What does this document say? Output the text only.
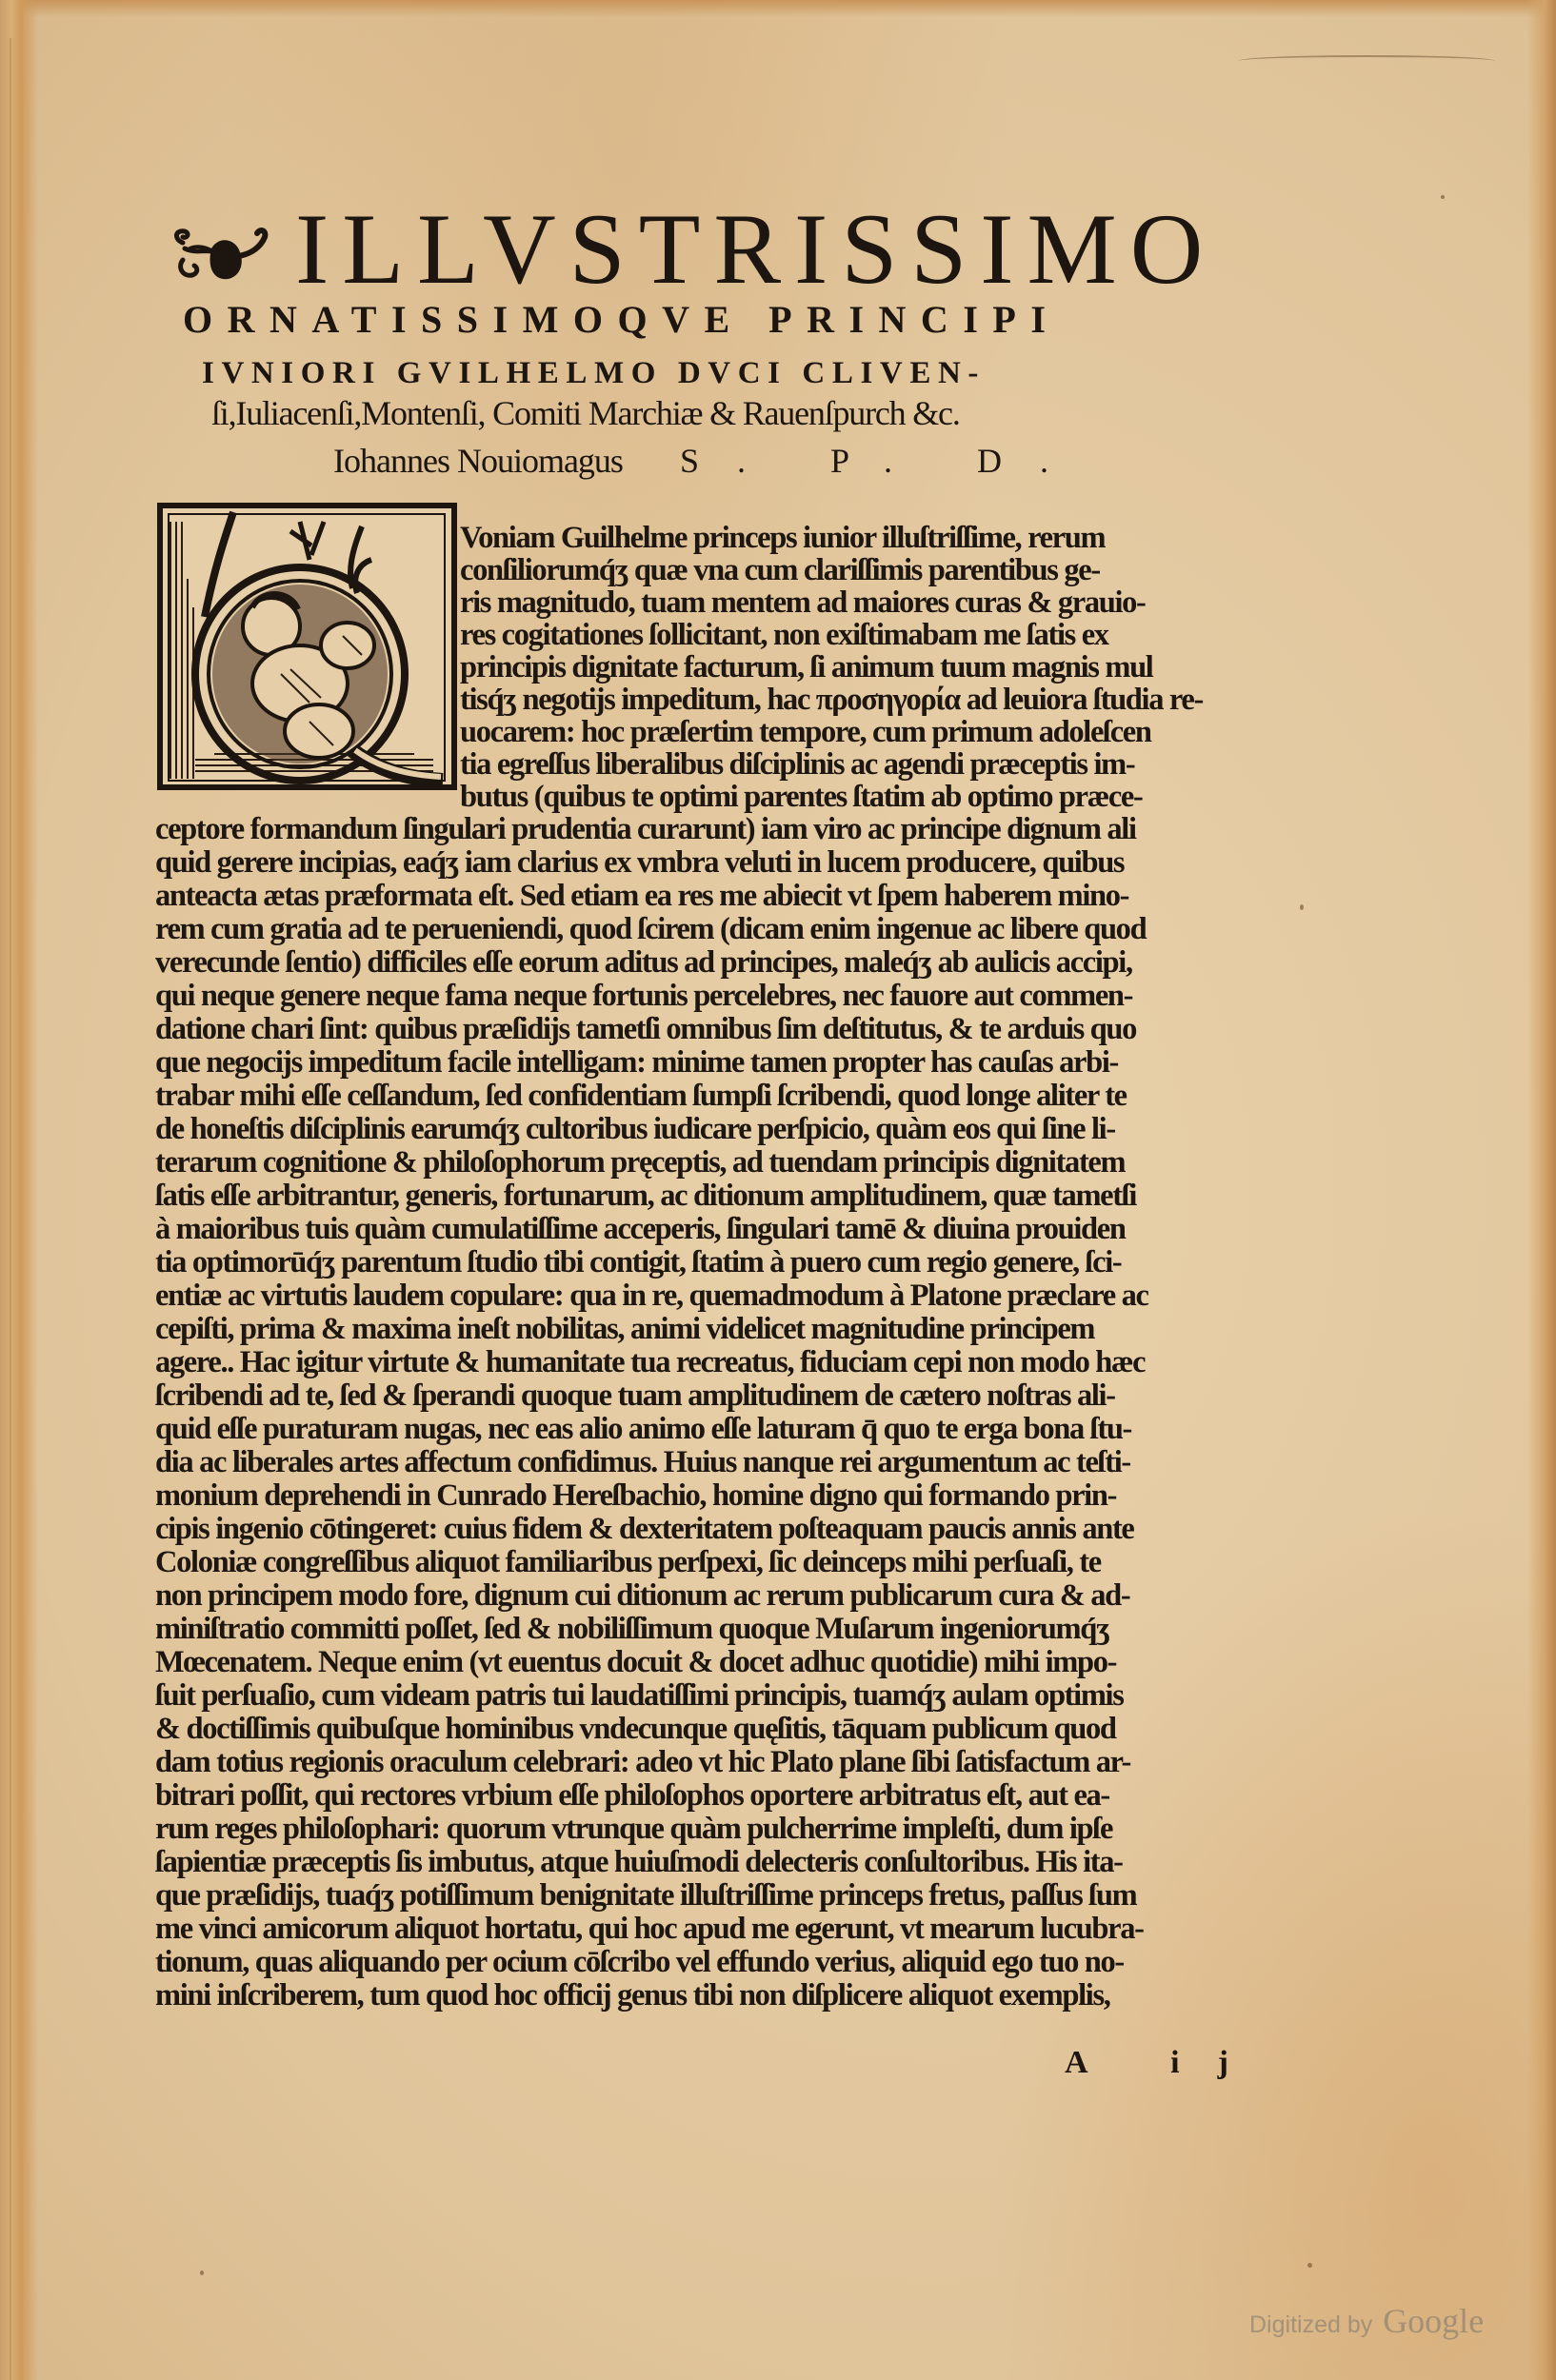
ILLVSTRISSIMO
ORNATISSIMOQVE PRINCIPI
IVNIORI GVILHELMO DVCI CLIVEN-
ſi,Iuliacenſi,Montenſi, Comiti Marchiæ & Rauenſpurch &c.
Iohannes Nouiomagus S. P. D.
Voniam Guilhelme princeps iunior illuſtriſſime, rerum
conſiliorumq́ʒ quæ vna cum clariſſimis parentibus ge-
ris magnitudo, tuam mentem ad maiores curas & grauio-
res cogitationes ſollicitant, non exiſtimabam me ſatis ex
principis dignitate facturum, ſi animum tuum magnis mul
tisq́ʒ negotĳs impeditum, hac προσηγορία ad leuiora ſtudia re-
uocarem: hoc præſertim tempore, cum primum adoleſcen
tia egreſſus liberalibus diſciplinis ac agendi præceptis im-
butus (quibus te optimi parentes ſtatim ab optimo præce-
ceptore formandum ſingulari prudentia curarunt) iam viro ac principe dignum ali
quid gerere incipias, eaq́ʒ iam clarius ex vmbra veluti in lucem producere, quibus
anteacta ætas præformata eſt. Sed etiam ea res me abiecit vt ſpem haberem mino-
rem cum gratia ad te perueniendi, quod ſcirem (dicam enim ingenue ac libere quod
verecunde ſentio) difficiles eſſe eorum aditus ad principes, maleq́ʒ ab aulicis accipi,
qui neque genere neque fama neque fortunis percelebres, nec fauore aut commen-
datione chari ſint: quibus præſidĳs tametſi omnibus ſim deſtitutus, & te arduis quo
que negocĳs impeditum facile intelligam: minime tamen propter has cauſas arbi-
trabar mihi eſſe ceſſandum, ſed confidentiam ſumpſi ſcribendi, quod longe aliter te
de honeſtis diſciplinis earumq́ʒ cultoribus iudicare perſpicio, quàm eos qui ſine li-
terarum cognitione & philoſophorum pręceptis, ad tuendam principis dignitatem
ſatis eſſe arbitrantur, generis, fortunarum, ac ditionum amplitudinem, quæ tametſi
à maioribus tuis quàm cumulatiſſime acceperis, ſingulari tamē & diuina prouiden
tia optimorūq́ʒ parentum ſtudio tibi contigit, ſtatim à puero cum regio genere, ſci-
entiæ ac virtutis laudem copulare: qua in re, quemadmodum à Platone præclare ac
cepiſti, prima & maxima ineſt nobilitas, animi videlicet magnitudine principem
agere.. Hac igitur virtute & humanitate tua recreatus, fiduciam cepi non modo hæc
ſcribendi ad te, ſed & ſperandi quoque tuam amplitudinem de cætero noſtras ali-
quid eſſe puraturam nugas, nec eas alio animo eſſe laturam q̄ quo te erga bona ſtu-
dia ac liberales artes affectum confidimus. Huius nanque rei argumentum ac teſti-
monium deprehendi in Cunrado Hereſbachio, homine digno qui formando prin-
cipis ingenio cōtingeret: cuius fidem & dexteritatem poſteaquam paucis annis ante
Coloniæ congreſſibus aliquot familiaribus perſpexi, ſic deinceps mihi perſuaſi, te
non principem modo fore, dignum cui ditionum ac rerum publicarum cura & ad-
miniſtratio committi poſſet, ſed & nobiliſſimum quoque Muſarum ingeniorumq́ʒ
Mœcenatem. Neque enim (vt euentus docuit & docet adhuc quotidie) mihi impo-
ſuit perſuaſio, cum videam patris tui laudatiſſimi principis, tuamq́ʒ aulam optimis
& doctiſſimis quibuſque hominibus vndecunque quęſitis, tāquam publicum quod
dam totius regionis oraculum celebrari: adeo vt hic Plato plane ſibi ſatisfactum ar-
bitrari poſſit, qui rectores vrbium eſſe philoſophos oportere arbitratus eſt, aut ea-
rum reges philoſophari: quorum vtrunque quàm pulcherrime impleſti, dum ipſe
ſapientiæ præceptis ſis imbutus, atque huiuſmodi delecteris conſultoribus. His ita-
que præſidĳs, tuaq́ʒ potiſſimum benignitate illuſtriſſime princeps fretus, paſſus ſum
me vinci amicorum aliquot hortatu, qui hoc apud me egerunt, vt mearum lucubra-
tionum, quas aliquando per ocium cōſcribo vel effundo verius, aliquid ego tuo no-
mini inſcriberem, tum quod hoc officĳ genus tibi non diſplicere aliquot exemplis,
A ij
Digitized by Google
